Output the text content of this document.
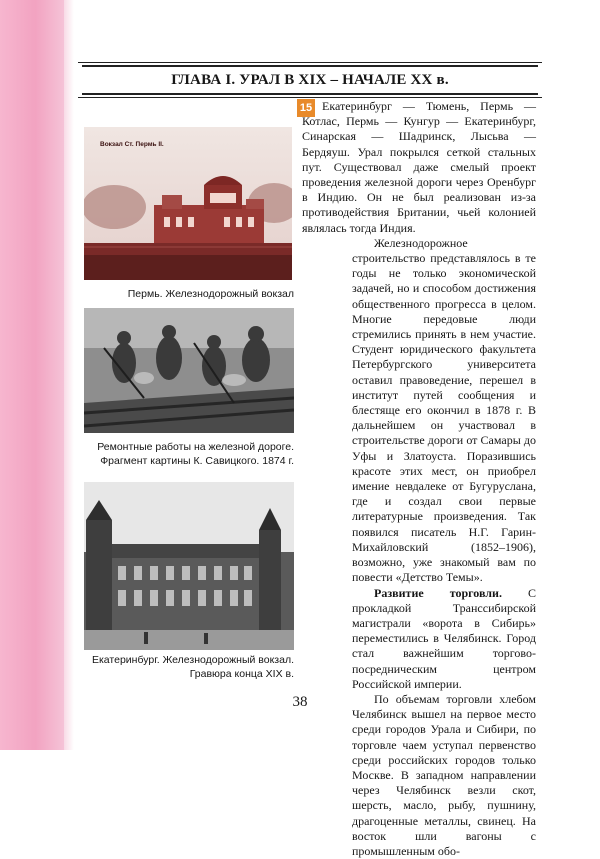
ГЛАВА I. УРАЛ В XIX – НАЧАЛЕ XX в.
Вокзал Ст. Пермь II.
Пермь. Железнодорожный вокзал
Ремонтные работы на железной дороге.
Фрагмент картины К. Савицкого. 1874 г.
Екатеринбург. Железнодорожный вокзал.
Гравюра конца XIX в.
15 Екатеринбург — Тюмень, Пермь — Котлас, Пермь — Кунгур — Екатеринбург, Синарская — Шадринск, Лысьва — Бердяуш. Урал покрылся сеткой стальных пут. Существовал даже смелый проект проведения железной дороги через Оренбург в Индию. Он не был реализован из-за противодействия Британии, чьей колонией являлась тогда Индия.

Железнодорожное строительство представлялось в те годы не только экономической задачей, но и способом достижения общественного прогресса в целом. Многие передовые люди стремились принять в нем участие. Студент юридического факультета Петербургского университета оставил правоведение, перешел в институт путей сообщения и блестяще его окончил в 1878 г. В дальнейшем он участвовал в строительстве дороги от Самары до Уфы и Златоуста. Поразившись красоте этих мест, он приобрел имение невдалеке от Бугуруслана, где и создал свои первые литературные произведения. Так появился писатель Н.Г. Гарин-Михайловский (1852–1906), возможно, уже знакомый вам по повести «Детство Темы».

Развитие торговли. С прокладкой Транссибирской магистрали «ворота в Сибирь» переместились в Челябинск. Город стал важнейшим торгово-посредническим центром Российской империи.

По объемам торговли хлебом Челябинск вышел на первое место среди городов Урала и Сибири, по торговле чаем уступал первенство среди российских городов только Москве. В западном направлении через Челябинск везли скот, шерсть, масло, рыбу, пушнину, драгоценные металлы, свинец. На восток шли вагоны с промышленным обо-

38
